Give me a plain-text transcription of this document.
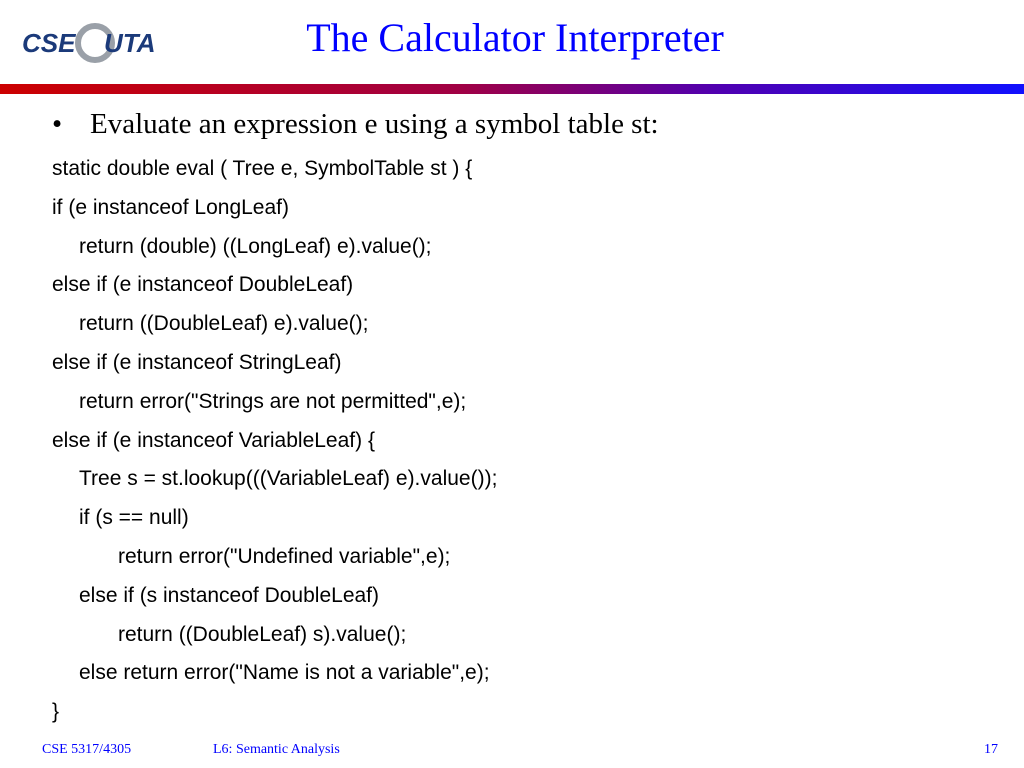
CSE UTA	The Calculator Interpreter
• Evaluate an expression e using a symbol table st:
static double eval ( Tree e, SymbolTable st ) {
if (e instanceof LongLeaf)
return (double) ((LongLeaf) e).value();
else if (e instanceof DoubleLeaf)
return ((DoubleLeaf) e).value();
else if (e instanceof StringLeaf)
return error("Strings are not permitted",e);
else if (e instanceof VariableLeaf) {
Tree s = st.lookup(((VariableLeaf) e).value());
if (s == null)
return error("Undefined variable",e);
else if (s instanceof DoubleLeaf)
return ((DoubleLeaf) s).value();
else return error("Name is not a variable",e);
}
CSE 5317/4305	L6: Semantic Analysis	17
